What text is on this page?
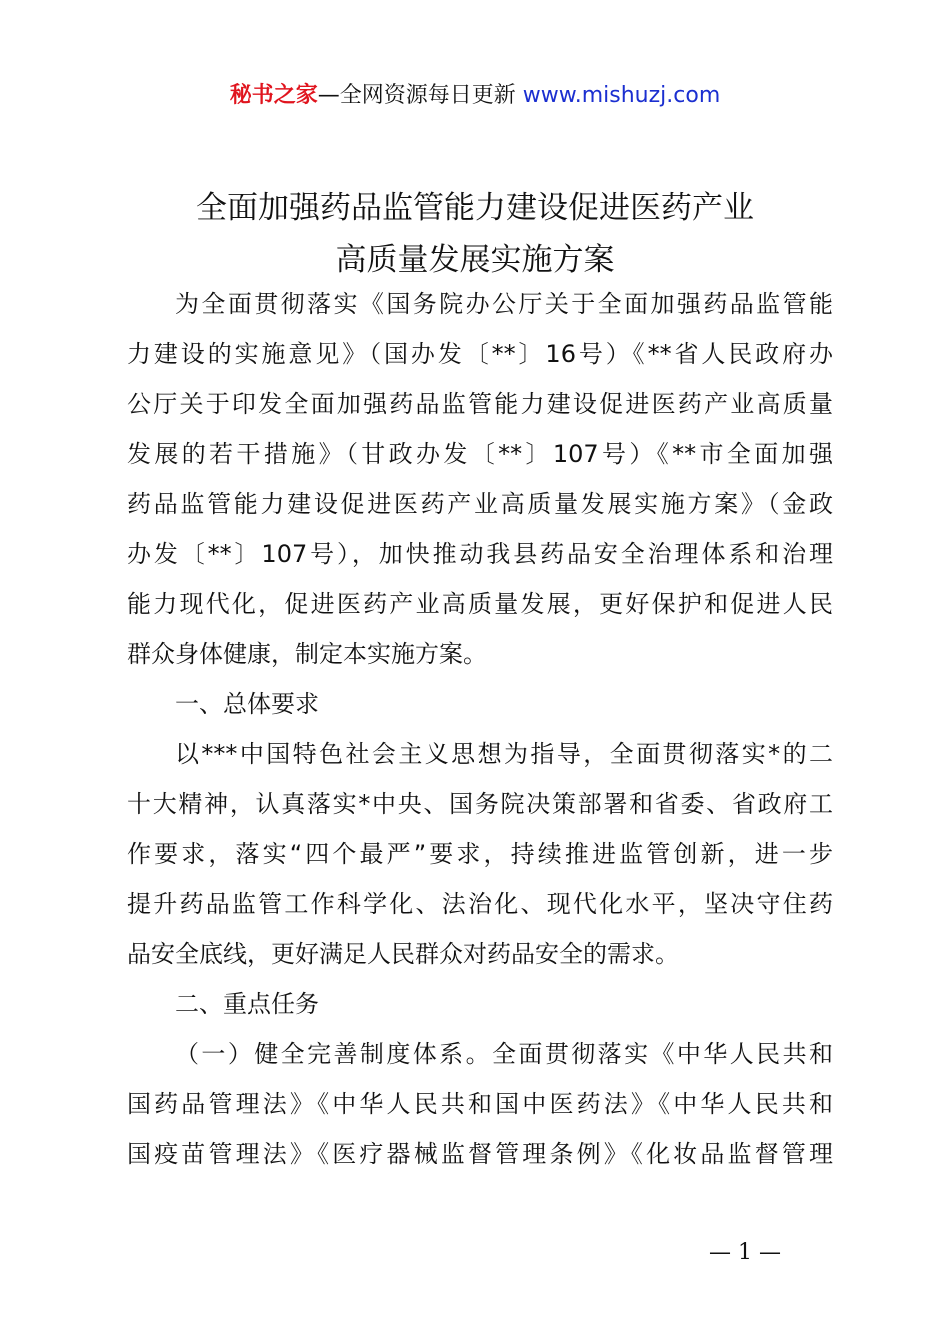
秘书之家—全网资源每日更新 www.mishuzj.com
全面加强药品监管能力建设促进医药产业
高质量发展实施方案
为全面贯彻落实《国务院办公厅关于全面加强药品监管能
力建设的实施意见》（国办发〔**〕16号）《**省人民政府办
公厅关于印发全面加强药品监管能力建设促进医药产业高质量
发展的若干措施》（甘政办发〔**〕107号）《**市全面加强
药品监管能力建设促进医药产业高质量发展实施方案》（金政
办发〔**〕107号），加快推动我县药品安全治理体系和治理
能力现代化，促进医药产业高质量发展，更好保护和促进人民
群众身体健康，制定本实施方案。
一、总体要求
以***中国特色社会主义思想为指导，全面贯彻落实*的二
十大精神，认真落实*中央、国务院决策部署和省委、省政府工
作要求，落实“四个最严”要求，持续推进监管创新，进一步
提升药品监管工作科学化、法治化、现代化水平，坚决守住药
品安全底线，更好满足人民群众对药品安全的需求。
二、重点任务
（一）健全完善制度体系。全面贯彻落实《中华人民共和
国药品管理法》《中华人民共和国中医药法》《中华人民共和
国疫苗管理法》《医疗器械监督管理条例》《化妆品监督管理
— 1 —
